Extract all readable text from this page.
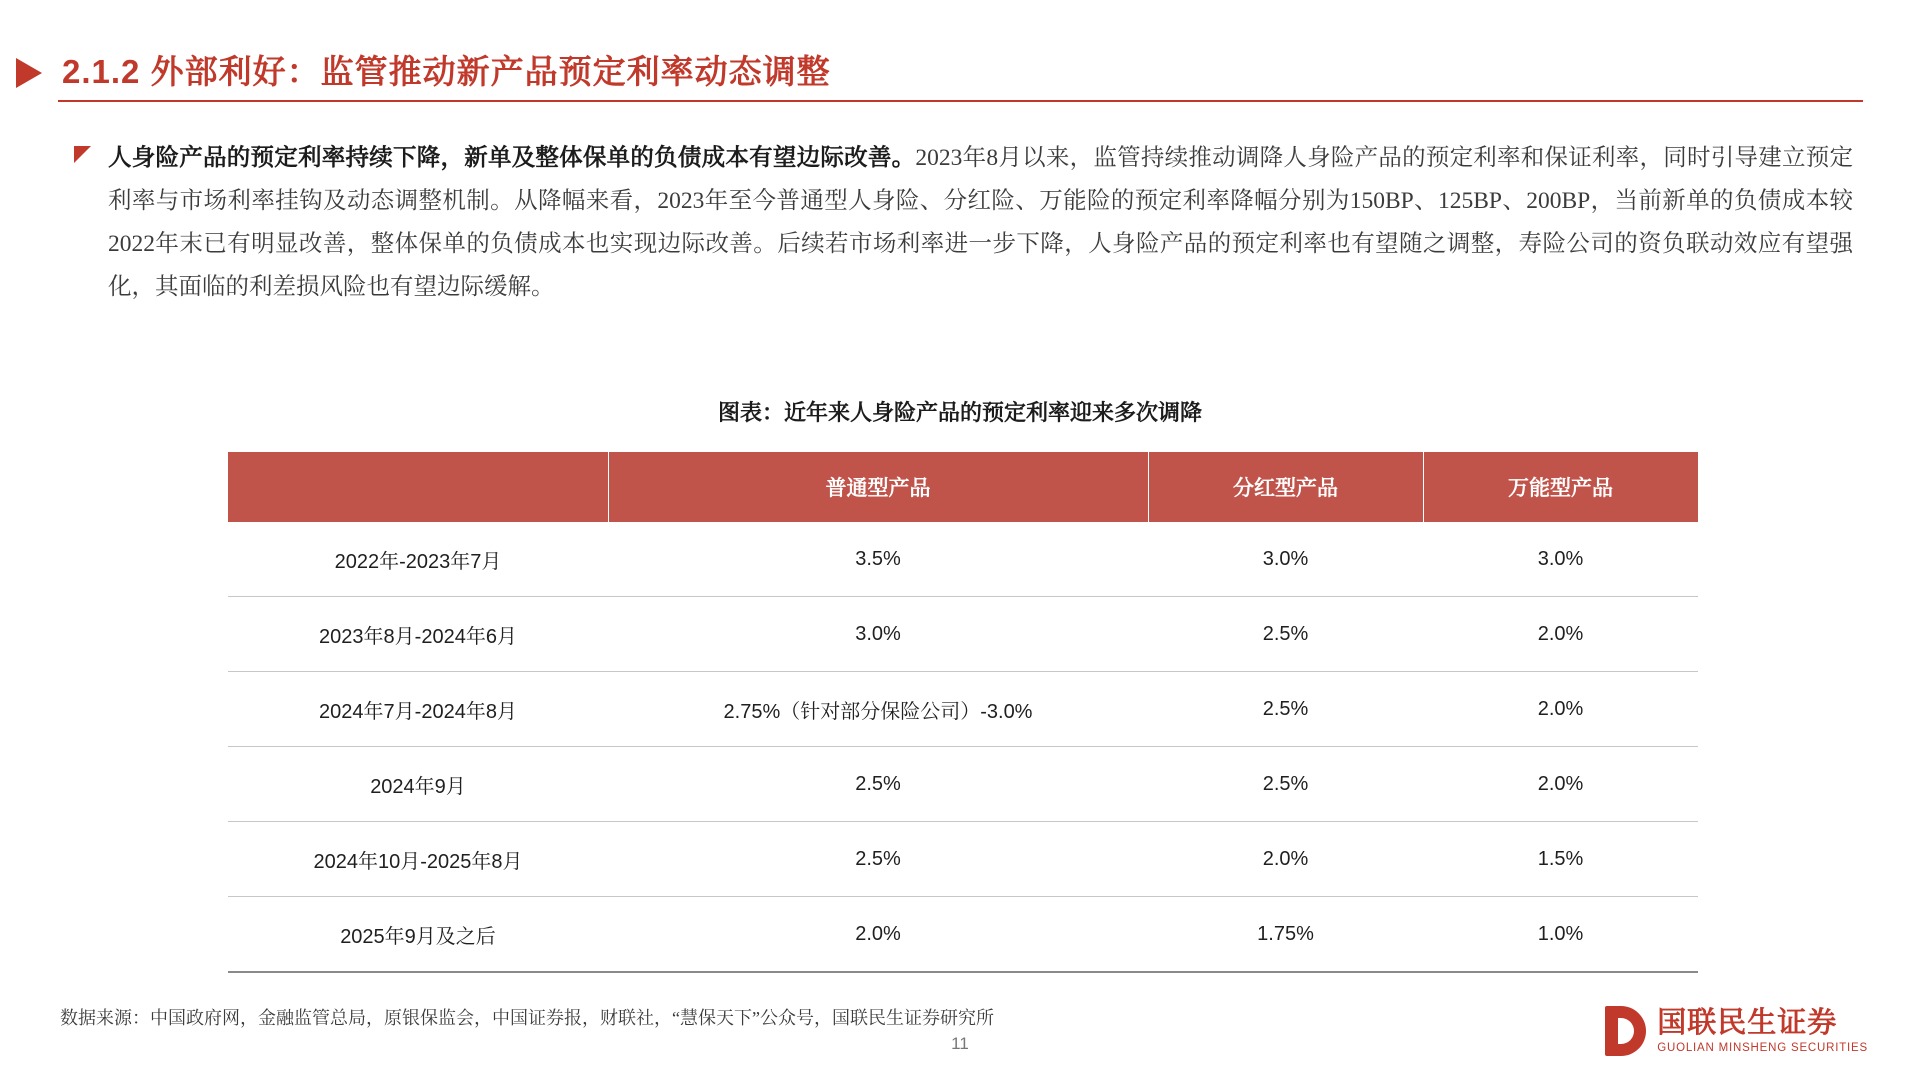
2.1.2 外部利好：监管推动新产品预定利率动态调整
人身险产品的预定利率持续下降，新单及整体保单的负债成本有望边际改善。2023年8月以来，监管持续推动调降人身险产品的预定利率和保证利率，同时引导建立预定利率与市场利率挂钩及动态调整机制。从降幅来看，2023年至今普通型人身险、分红险、万能险的预定利率降幅分别为150BP、125BP、200BP，当前新单的负债成本较2022年末已有明显改善，整体保单的负债成本也实现边际改善。后续若市场利率进一步下降，人身险产品的预定利率也有望随之调整，寿险公司的资负联动效应有望强化，其面临的利差损风险也有望边际缓解。
图表：近年来人身险产品的预定利率迎来多次调降
	普通型产品	分红型产品	万能型产品
2022年-2023年7月	3.5%	3.0%	3.0%
2023年8月-2024年6月	3.0%	2.5%	2.0%
2024年7月-2024年8月	2.75%（针对部分保险公司）-3.0%	2.5%	2.0%
2024年9月	2.5%	2.5%	2.0%
2024年10月-2025年8月	2.5%	2.0%	1.5%
2025年9月及之后	2.0%	1.75%	1.0%
数据来源：中国政府网，金融监管总局，原银保监会，中国证券报，财联社，“慧保天下”公众号，国联民生证券研究所
11
国联民生证券
GUOLIAN MINSHENG SECURITIES
